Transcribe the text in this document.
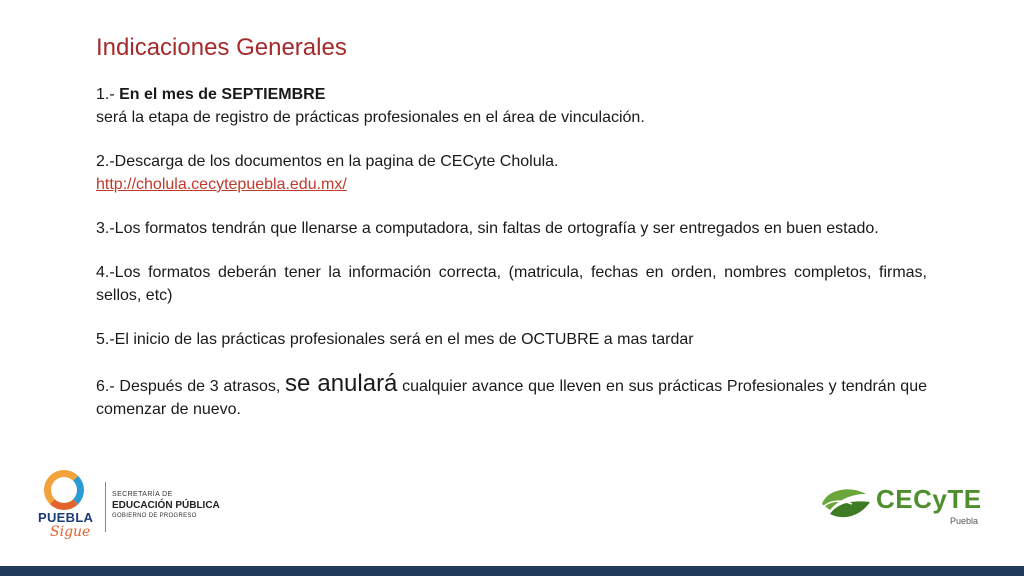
Indicaciones Generales

1.- En el mes de SEPTIEMBRE
será la etapa de registro de prácticas profesionales en el área de vinculación.

2.-Descarga de los documentos en la pagina de CECyte Cholula.
http://cholula.cecytepuebla.edu.mx/

3.-Los formatos tendrán que llenarse a computadora, sin faltas de ortografía y ser entregados en buen estado.

4.-Los formatos deberán tener la información correcta, (matricula, fechas en orden, nombres completos, firmas, sellos, etc)

5.-El inicio de las prácticas profesionales será en el mes de OCTUBRE a mas tardar

6.- Después de 3 atrasos, se anulará cualquier avance que lleven en sus prácticas Profesionales y tendrán que comenzar de nuevo.

PUEBLA
Sigue
SECRETARÍA DE
EDUCACIÓN PÚBLICA
GOBIERNO DE PROGRESO
CECyTE
Puebla
